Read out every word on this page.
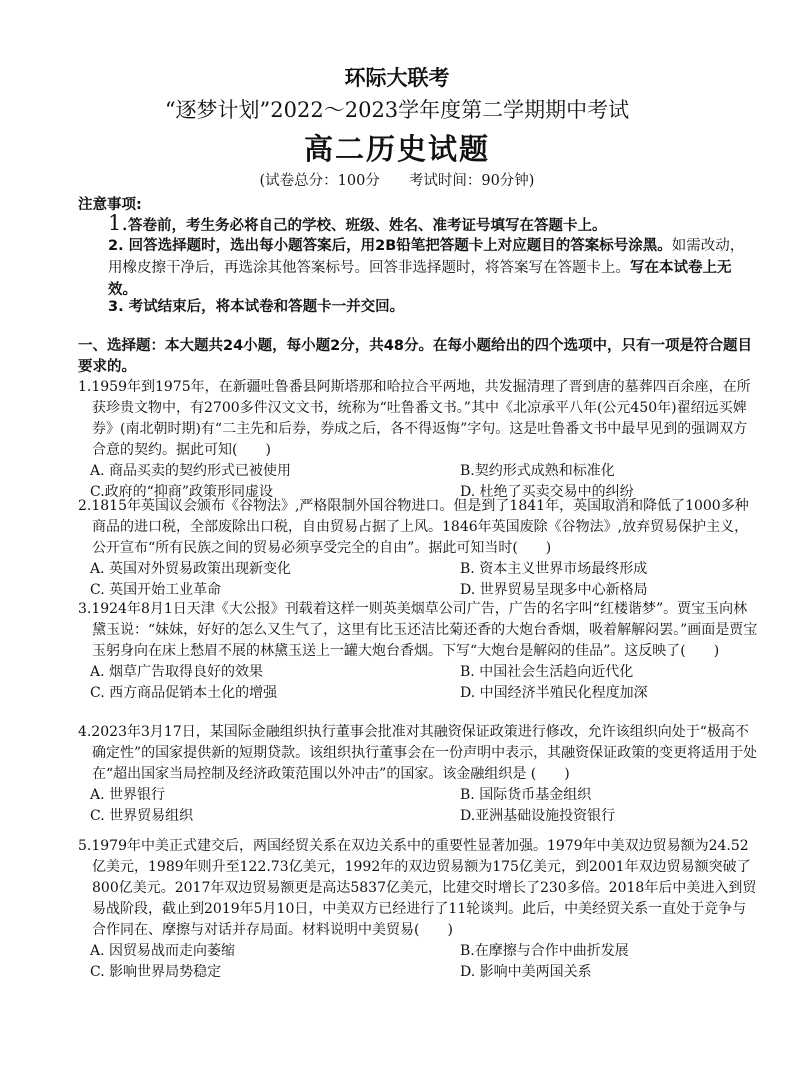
环际大联考
“逐梦计划”2022～2023学年度第二学期期中考试
高二历史试题
(试卷总分：100分　　考试时间：90分钟)
注意事项:
1.答卷前，考生务必将自己的学校、班级、姓名、准考证号填写在答题卡上。
2. 回答选择题时，选出每小题答案后，用2B铅笔把答题卡上对应题目的答案标号涂黑。如需改动，用橡皮擦干净后，再选涂其他答案标号。回答非选择题时，将答案写在答题卡上。写在本试卷上无效。
3. 考试结束后，将本试卷和答题卡一并交回。
一、选择题：本大题共24小题，每小题2分，共48分。在每小题给出的四个选项中，只有一项是符合题目要求的。
1.1959年到1975年，在新疆吐鲁番县阿斯塔那和哈拉合平两地，共发掘清理了晋到唐的墓葬四百余座，在所获珍贵文物中，有2700多件汉文文书，统称为“吐鲁番文书。”其中《北凉承平八年(公元450年)翟绍远买婢券》(南北朝时期)有“二主先和后券，券成之后，各不得返悔”字句。这是吐鲁番文书中最早见到的强调双方合意的契约。据此可知(　　)
A. 商品买卖的契约形式已被使用	B.契约形式成熟和标准化
C.政府的“抑商”政策形同虚设	D. 杜绝了买卖交易中的纠纷
2.1815年英国议会颁布《谷物法》,严格限制外国谷物进口。但是到了1841年，英国取消和降低了1000多种商品的进口税，全部废除出口税，自由贸易占据了上风。1846年英国废除《谷物法》,放弃贸易保护主义，公开宣布“所有民族之间的贸易必须享受完全的自由”。据此可知当时(　　)
A. 英国对外贸易政策出现新变化	B. 资本主义世界市场最终形成
C. 英国开始工业革命	D. 世界贸易呈现多中心新格局
3.1924年8月1日天津《大公报》刊载着这样一则英美烟草公司广告，广告的名字叫“红楼谐梦”。贾宝玉向林黛玉说：“妹妹，好好的怎么又生气了，这里有比玉还洁比菊还香的大炮台香烟，吸着解解闷罢。”画面是贾宝玉躬身向在床上愁眉不展的林黛玉送上一罐大炮台香烟。下写“大炮台是解闷的佳品”。这反映了(　　)
A. 烟草广告取得良好的效果	B. 中国社会生活趋向近代化
C. 西方商品促销本土化的增强	D. 中国经济半殖民化程度加深
4.2023年3月17日，某国际金融组织执行董事会批准对其融资保证政策进行修改，允许该组织向处于“极高不确定性”的国家提供新的短期贷款。该组织执行董事会在一份声明中表示，其融资保证政策的变更将适用于处在“超出国家当局控制及经济政策范围以外冲击”的国家。该金融组织是 (　　)
A. 世界银行	B. 国际货币基金组织
C. 世界贸易组织	D.亚洲基础设施投资银行
5.1979年中美正式建交后，两国经贸关系在双边关系中的重要性显著加强。1979年中美双边贸易额为24.52亿美元，1989年则升至122.73亿美元，1992年的双边贸易额为175亿美元，到2001年双边贸易额突破了800亿美元。2017年双边贸易额更是高达5837亿美元，比建交时增长了230多倍。2018年后中美进入到贸易战阶段，截止到2019年5月10日，中美双方已经进行了11轮谈判。此后，中美经贸关系一直处于竞争与合作同在、摩擦与对话并存局面。材料说明中美贸易(　　)
A. 因贸易战而走向萎缩	B.在摩擦与合作中曲折发展
C. 影响世界局势稳定	D. 影响中美两国关系
